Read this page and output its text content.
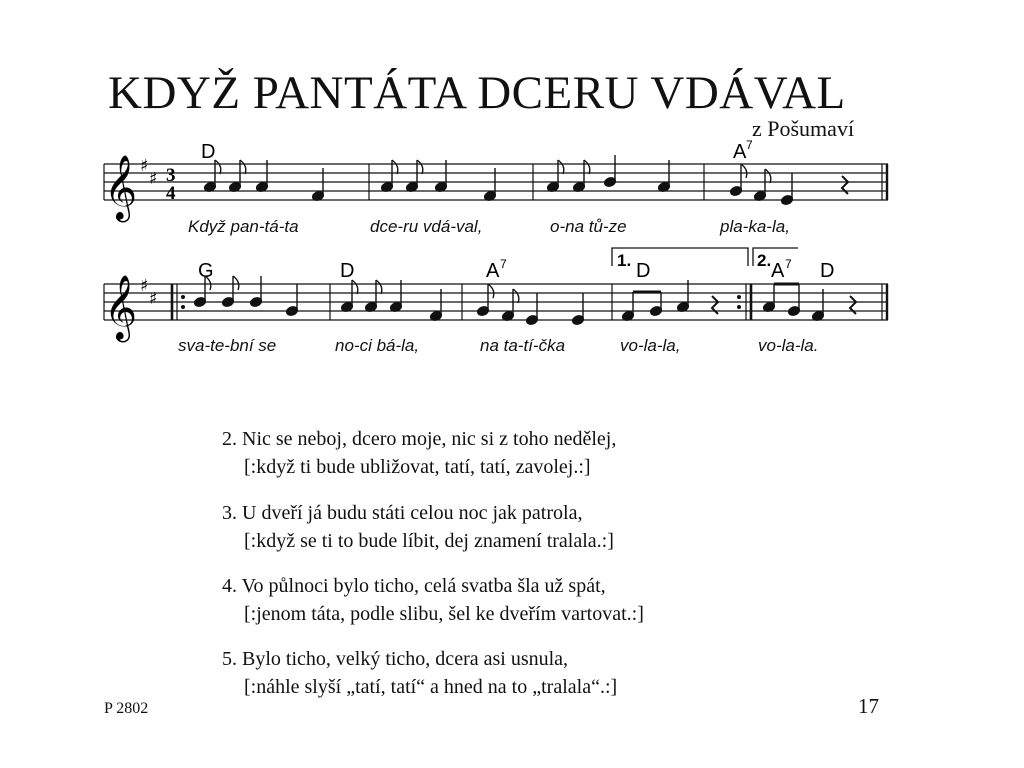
KDYŽ PANTÁTA DCERU VDÁVAL
z Pošumaví
𝄞 ♯
♯ 3
4
D	A 7
𝄞 ♯
♯
1.	2.
G	D	A 7	D	A 7 D
Když pan-tá-ta	dce-ru vdá-val,	o-na tů-ze	pla-ka-la,
sva-te-bní se	no-ci bá-la,	na ta-tí-čka	vo-la-la,	vo-la-la.
2. Nic se neboj, dcero moje, nic si z toho nedělej,
[:když ti bude ubližovat, tatí, tatí, zavolej.:]
3. U dveří já budu státi celou noc jak patrola,
[:když se ti to bude líbit, dej znamení tralala.:]
4. Vo půlnoci bylo ticho, celá svatba šla už spát,
[:jenom táta, podle slibu, šel ke dveřím vartovat.:]
5. Bylo ticho, velký ticho, dcera asi usnula,
[:náhle slyší „tatí, tatí“ a hned na to „tralala“.:]
P 2802	17
